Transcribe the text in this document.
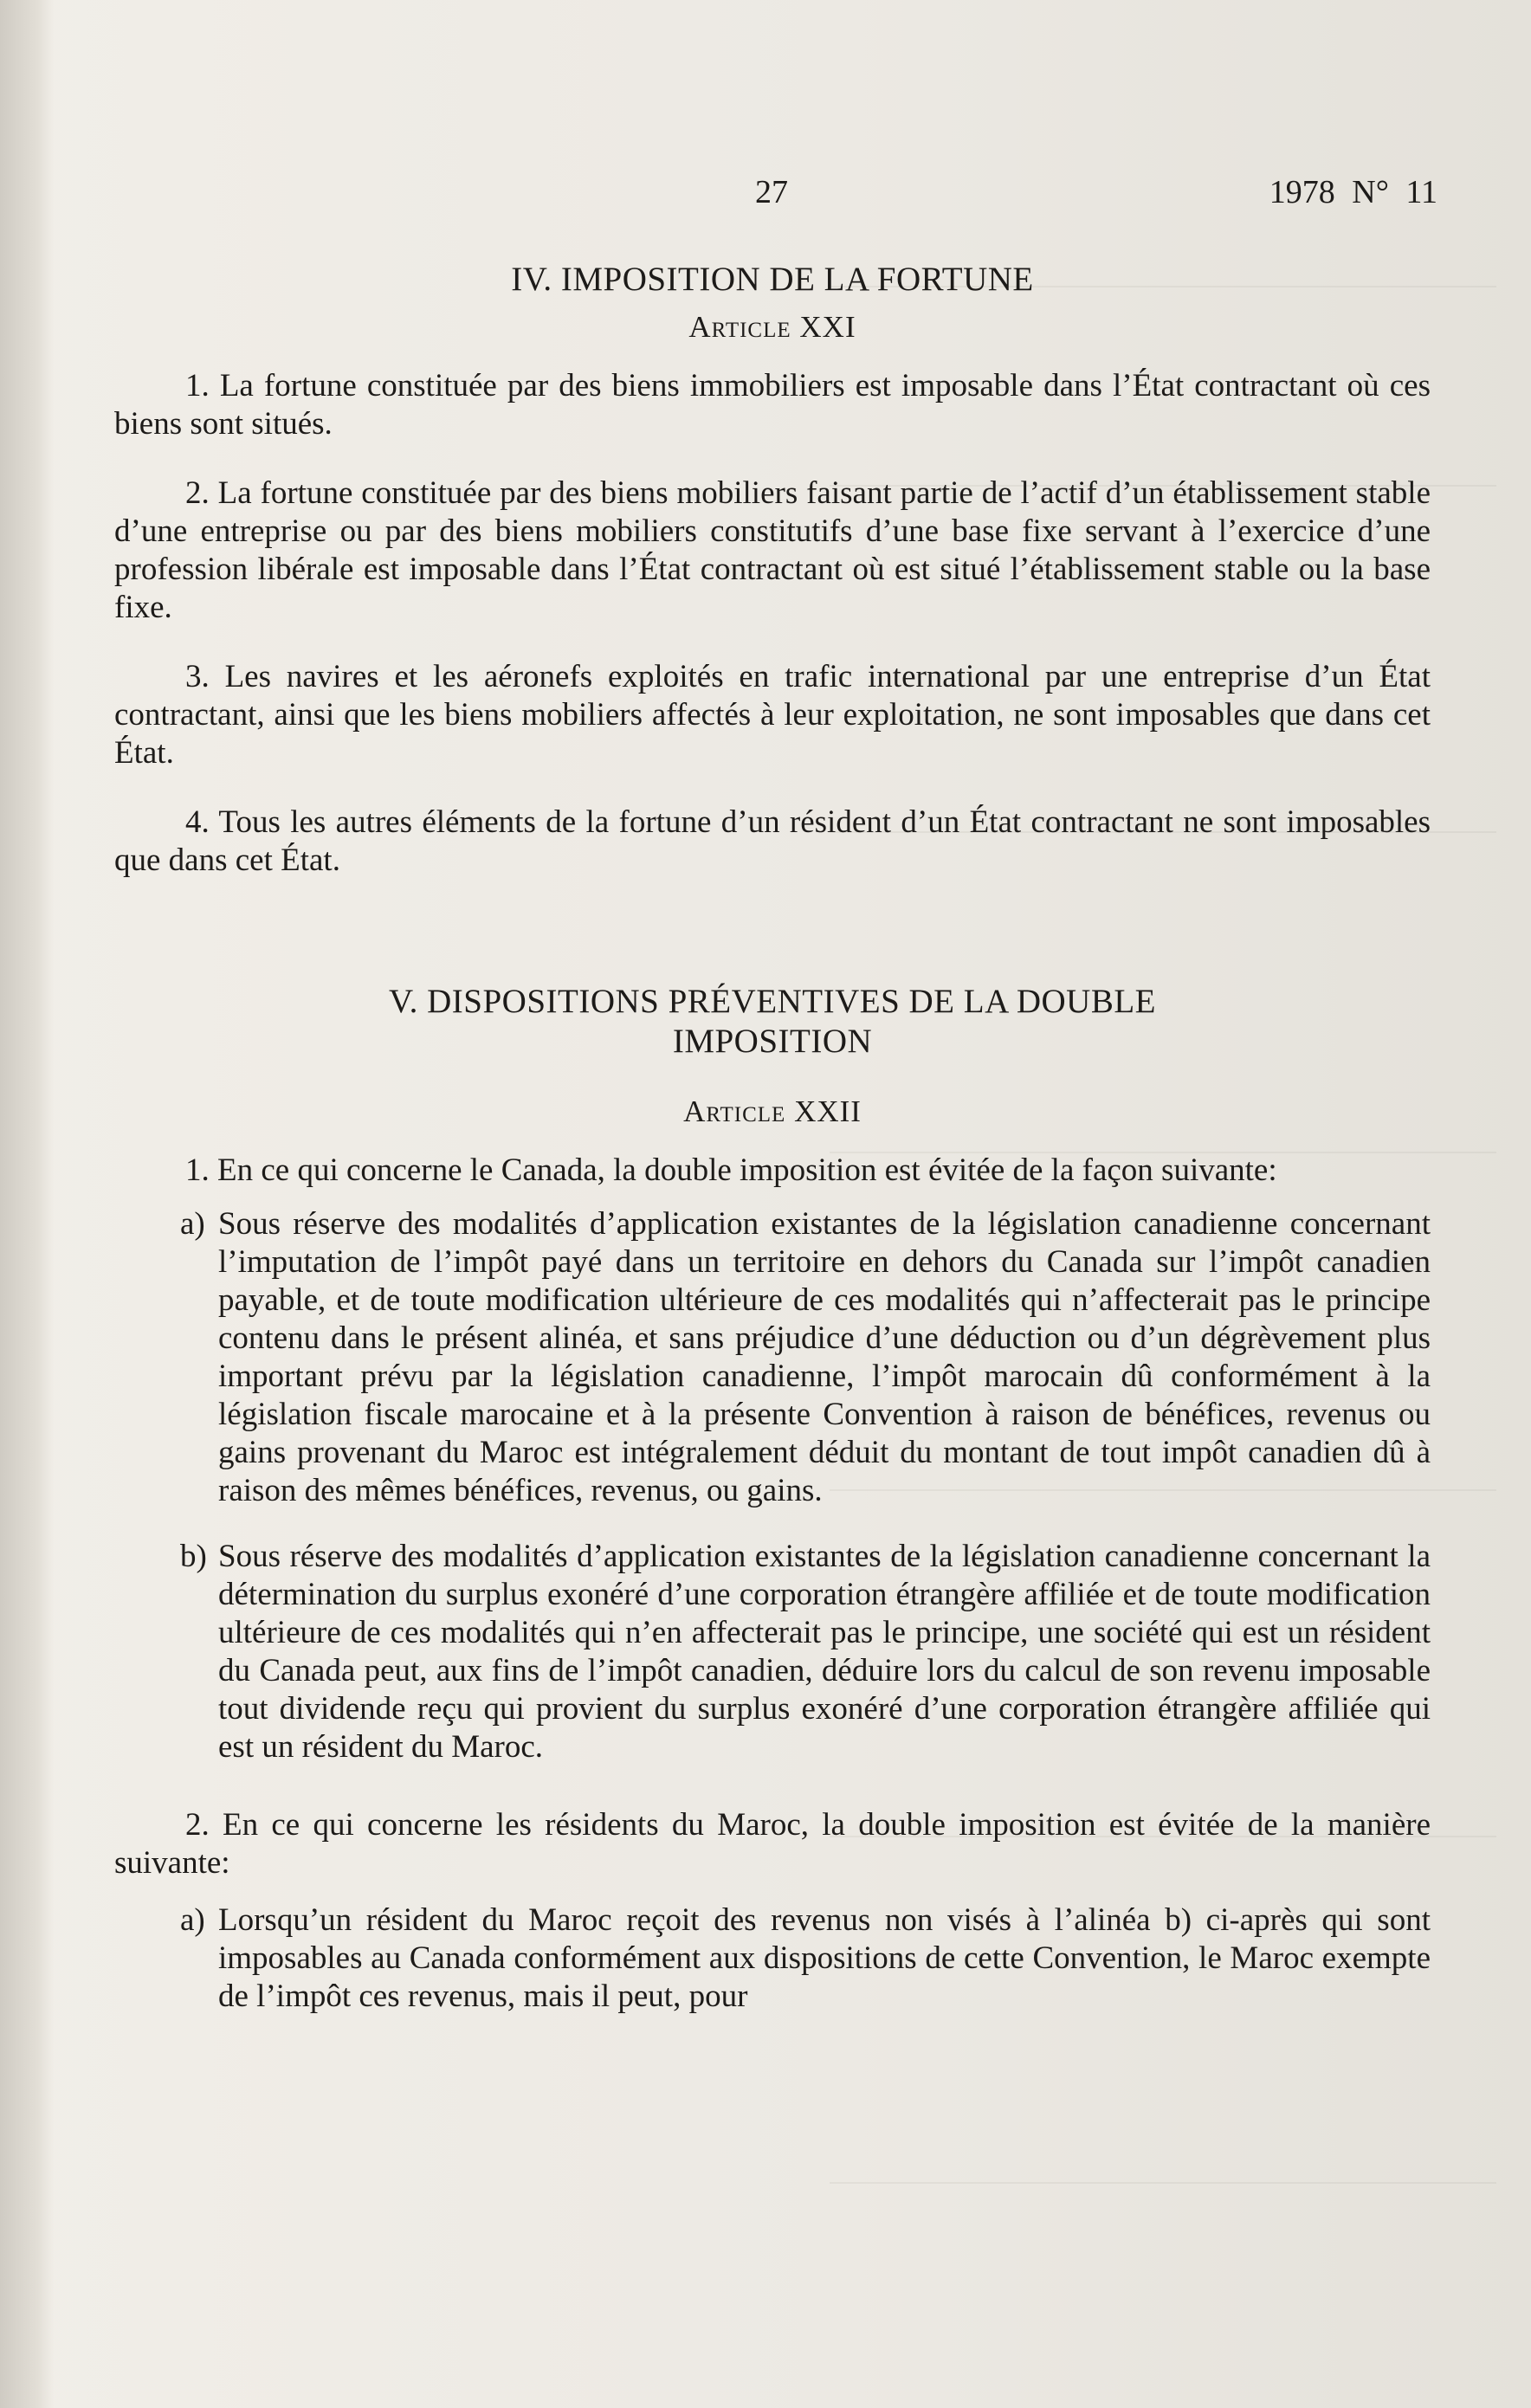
27	1978 N° 11
IV. IMPOSITION DE LA FORTUNE
Article XXI

1. La fortune constituée par des biens immobiliers est imposable dans l’État contractant où ces biens sont situés.

2. La fortune constituée par des biens mobiliers faisant partie de l’actif d’un établissement stable d’une entreprise ou par des biens mobiliers constitutifs d’une base fixe servant à l’exercice d’une profession libérale est imposable dans l’État contractant où est situé l’établissement stable ou la base fixe.

3. Les navires et les aéronefs exploités en trafic international par une entreprise d’un État contractant, ainsi que les biens mobiliers affectés à leur exploitation, ne sont imposables que dans cet État.

4. Tous les autres éléments de la fortune d’un résident d’un État contractant ne sont imposables que dans cet État.

V. DISPOSITIONS PRÉVENTIVES DE LA DOUBLE
IMPOSITION
Article XXII

1. En ce qui concerne le Canada, la double imposition est évitée de la façon suivante:

a) Sous réserve des modalités d’application existantes de la législation canadienne concernant l’imputation de l’impôt payé dans un territoire en dehors du Canada sur l’impôt canadien payable, et de toute modification ultérieure de ces modalités qui n’affecterait pas le principe contenu dans le présent alinéa, et sans préjudice d’une déduction ou d’un dégrèvement plus important prévu par la législation canadienne, l’impôt marocain dû conformément à la législation fiscale marocaine et à la présente Convention à raison de bénéfices, revenus ou gains provenant du Maroc est intégralement déduit du montant de tout impôt canadien dû à raison des mêmes bénéfices, revenus, ou gains.

b) Sous réserve des modalités d’application existantes de la législation canadienne concernant la détermination du surplus exonéré d’une corporation étrangère affiliée et de toute modification ultérieure de ces modalités qui n’en affecterait pas le principe, une société qui est un résident du Canada peut, aux fins de l’impôt canadien, déduire lors du calcul de son revenu imposable tout dividende reçu qui provient du surplus exonéré d’une corporation étrangère affiliée qui est un résident du Maroc.

2. En ce qui concerne les résidents du Maroc, la double imposition est évitée de la manière suivante:

a) Lorsqu’un résident du Maroc reçoit des revenus non visés à l’alinéa b) ci-après qui sont imposables au Canada conformément aux dispositions de cette Convention, le Maroc exempte de l’impôt ces revenus, mais il peut, pour
